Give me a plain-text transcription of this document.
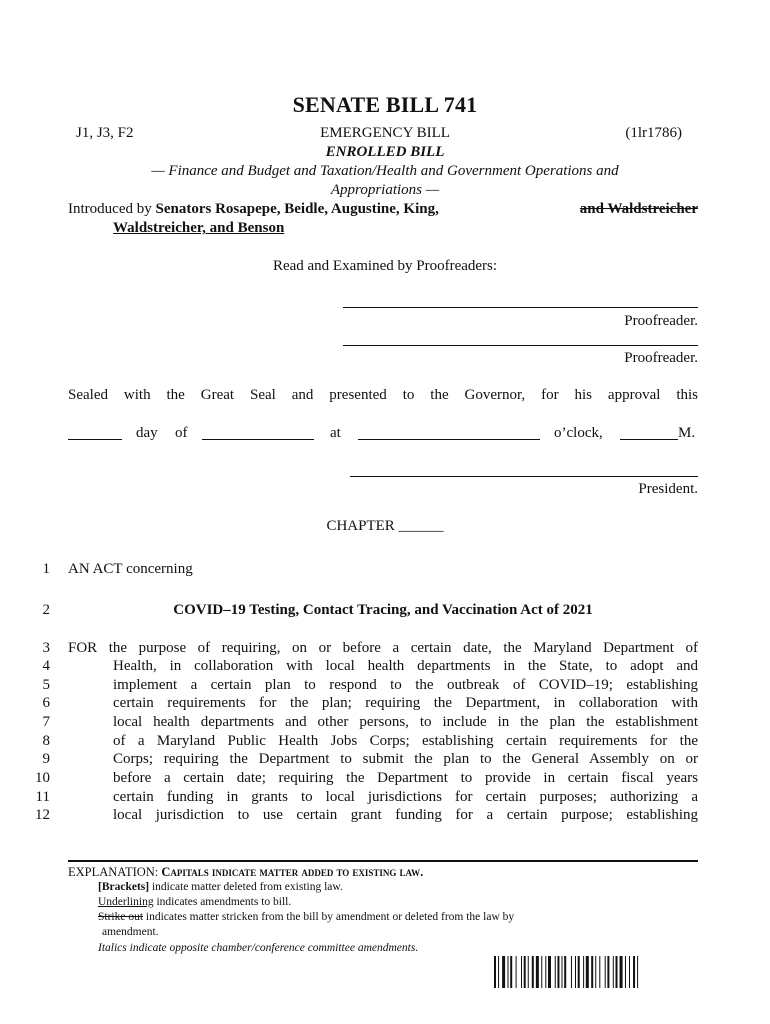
SENATE BILL 741
J1, J3, F2	EMERGENCY BILL	(1lr1786)
ENROLLED BILL
— Finance and Budget and Taxation/Health and Government Operations and
Appropriations —
Introduced by Senators Rosapepe, Beidle, Augustine, King,	and Waldstreicher
Waldstreicher, and Benson
Read and Examined by Proofreaders:
Proofreader.
Proofreader.
Sealed with the Great Seal and presented to the Governor, for his approval this
day of	at	o’clock,	M.
President.
CHAPTER ______
1 AN ACT concerning
2	COVID–19 Testing, Contact Tracing, and Vaccination Act of 2021
3 FOR the purpose of requiring, on or before a certain date, the Maryland Department of
4	Health, in collaboration with local health departments in the State, to adopt and
5	implement a certain plan to respond to the outbreak of COVID–19; establishing
6	certain requirements for the plan; requiring the Department, in collaboration with
7	local health departments and other persons, to include in the plan the establishment
8	of a Maryland Public Health Jobs Corps; establishing certain requirements for the
9	Corps; requiring the Department to submit the plan to the General Assembly on or
10	before a certain date; requiring the Department to provide in certain fiscal years
11	certain funding in grants to local jurisdictions for certain purposes; authorizing a
12	local jurisdiction to use certain grant funding for a certain purpose; establishing
EXPLANATION: Capitals indicate matter added to existing law.
[Brackets] indicate matter deleted from existing law.
Underlining indicates amendments to bill.
Strike out indicates matter stricken from the bill by amendment or deleted from the law by
amendment.
Italics indicate opposite chamber/conference committee amendments.
